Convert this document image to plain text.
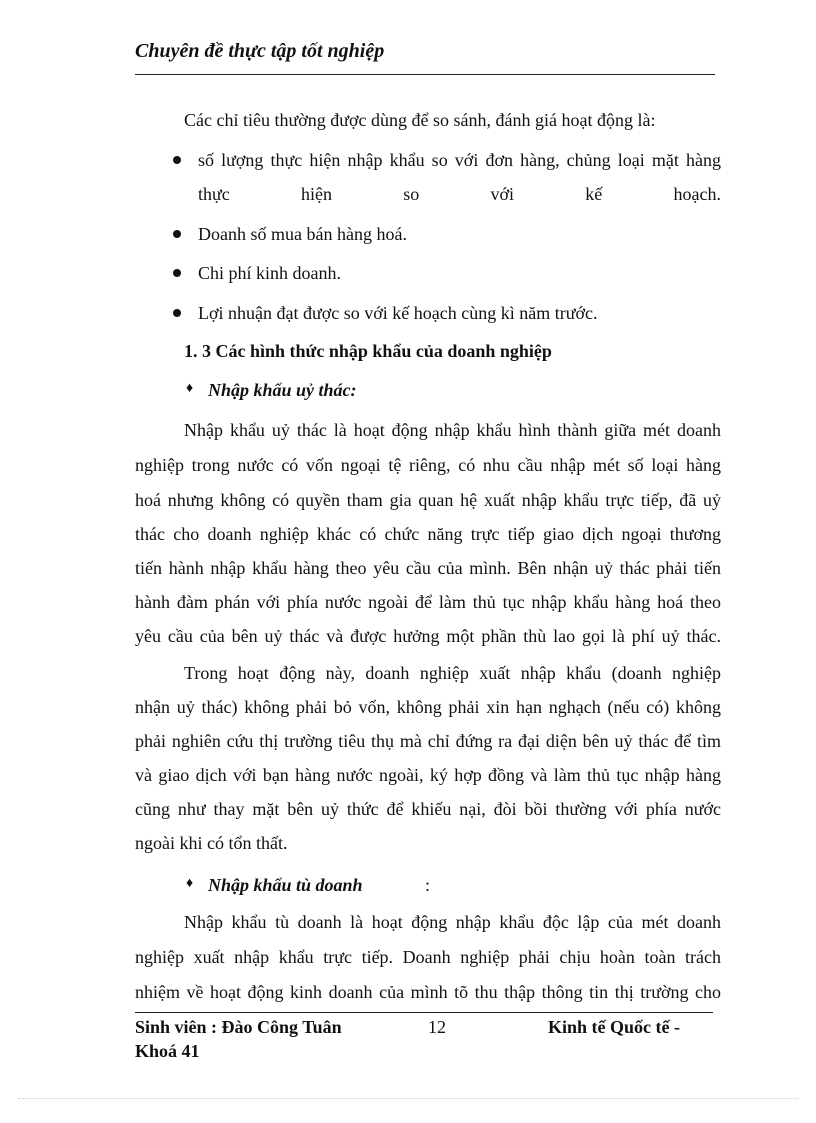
Chuyên đề thực tập tốt nghiệp
Các chỉ tiêu thường được dùng để so sánh, đánh giá hoạt động là:
số lượng thực hiện nhập khẩu so với đơn hàng, chủng loại mặt hàng
thực	hiện	so	với	kế	hoạch.
Doanh số mua bán hàng hoá.
Chi phí kinh doanh.
Lợi nhuận đạt được so với kế hoạch cùng kì năm trước.
1. 3 Các hình thức nhập khẩu của doanh nghiệp
♦ Nhập khẩu uỷ thác:
Nhập khẩu uỷ thác là hoạt động nhập khẩu hình thành giữa mét doanh
nghiệp trong nước có vốn ngoại tệ riêng, có nhu cầu nhập mét số loại hàng
hoá nhưng không có quyền tham gia quan hệ xuất nhập khẩu trực tiếp, đã uỷ
thác cho doanh nghiệp khác có chức năng trực tiếp giao dịch ngoại thương
tiến hành nhập khẩu hàng theo yêu cầu của mình. Bên nhận uỷ thác phải tiến
hành đàm phán với phía nước ngoài để làm thủ tục nhập khẩu hàng hoá theo
yêu cầu của bên uỷ thác và được hưởng một phần thù lao gọi là phí uỷ thác.
Trong hoạt động này, doanh nghiệp xuất nhập khẩu (doanh nghiệp
nhận uỷ thác) không phải bỏ vốn, không phải xin hạn nghạch (nếu có) không
phải nghiên cứu thị trường tiêu thụ mà chỉ đứng ra đại diện bên uỷ thác để tìm
và giao dịch với bạn hàng nước ngoài, ký hợp đồng và làm thủ tục nhập hàng
cũng như thay mặt bên uỷ thức để khiếu nại, đòi bồi thường với phía nước
ngoài khi có tổn thất.
♦ Nhập khẩu tù doanh	:
Nhập khẩu tù doanh là hoạt động nhập khẩu độc lập của mét doanh
nghiệp xuất nhập khẩu trực tiếp. Doanh nghiệp phải chịu hoàn toàn trách
nhiệm về hoạt động kinh doanh của mình tõ thu thập thông tin thị trường cho
Sinh viên : Đào Công Tuân	12	Kinh tế Quốc tế -
Khoá 41
